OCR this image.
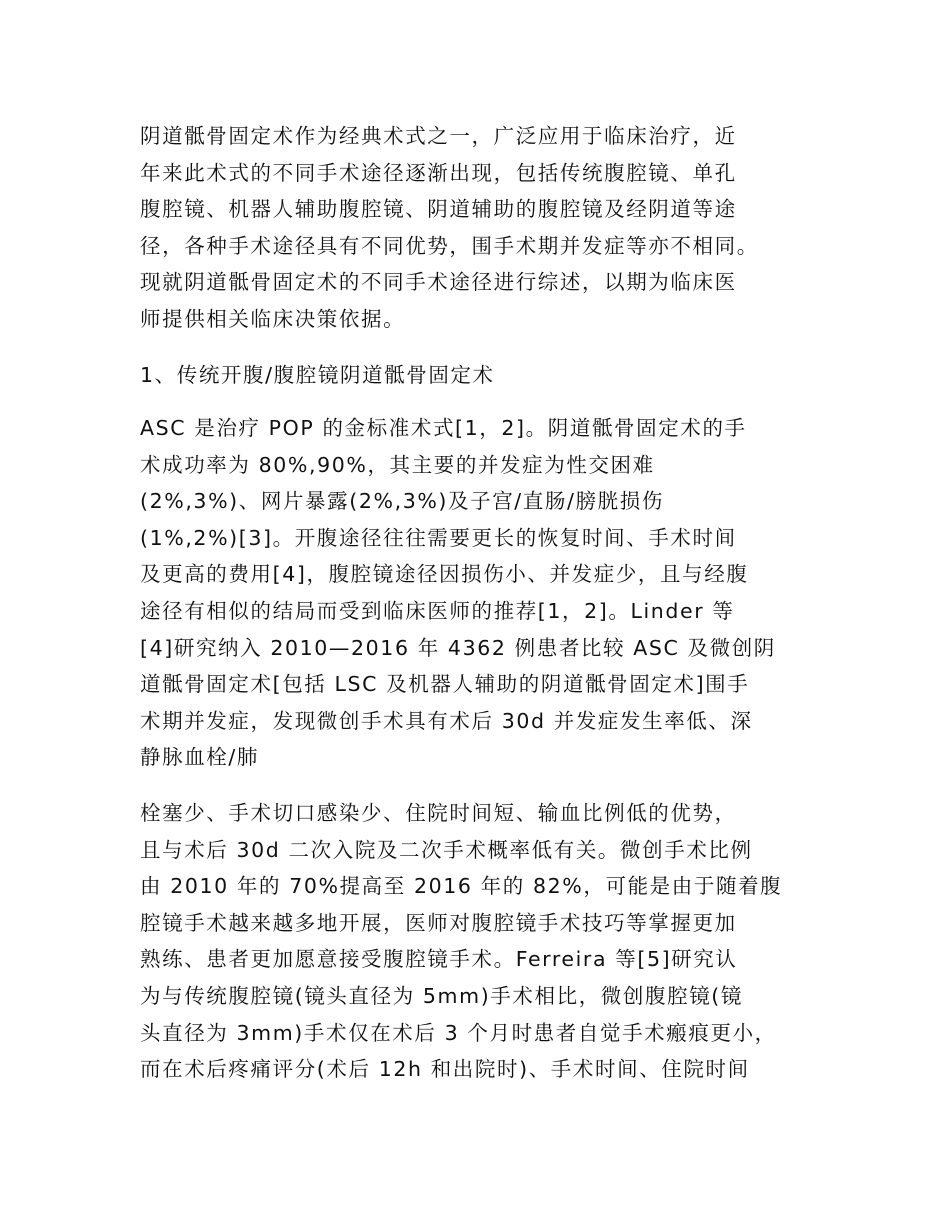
阴道骶骨固定术作为经典术式之一，广泛应用于临床治疗，近
年来此术式的不同手术途径逐渐出现，包括传统腹腔镜、单孔
腹腔镜、机器人辅助腹腔镜、阴道辅助的腹腔镜及经阴道等途
径，各种手术途径具有不同优势，围手术期并发症等亦不相同。
现就阴道骶骨固定术的不同手术途径进行综述，以期为临床医
师提供相关临床决策依据。
1、传统开腹/腹腔镜阴道骶骨固定术
ASC 是治疗 POP 的金标准术式[1，2]。阴道骶骨固定术的手
术成功率为 80%,90%，其主要的并发症为性交困难
(2%,3%)、网片暴露(2%,3%)及子宫/直肠/膀胱损伤
(1%,2%)[3]。开腹途径往往需要更长的恢复时间、手术时间
及更高的费用[4]，腹腔镜途径因损伤小、并发症少，且与经腹
途径有相似的结局而受到临床医师的推荐[1，2]。Linder 等
[4]研究纳入 2010—2016 年 4362 例患者比较 ASC 及微创阴
道骶骨固定术[包括 LSC 及机器人辅助的阴道骶骨固定术]围手
术期并发症，发现微创手术具有术后 30d 并发症发生率低、深
静脉血栓/肺
栓塞少、手术切口感染少、住院时间短、输血比例低的优势，
且与术后 30d 二次入院及二次手术概率低有关。微创手术比例
由 2010 年的 70%提高至 2016 年的 82%，可能是由于随着腹
腔镜手术越来越多地开展，医师对腹腔镜手术技巧等掌握更加
熟练、患者更加愿意接受腹腔镜手术。Ferreira 等[5]研究认
为与传统腹腔镜(镜头直径为 5mm)手术相比，微创腹腔镜(镜
头直径为 3mm)手术仅在术后 3 个月时患者自觉手术瘢痕更小，
而在术后疼痛评分(术后 12h 和出院时)、手术时间、住院时间
